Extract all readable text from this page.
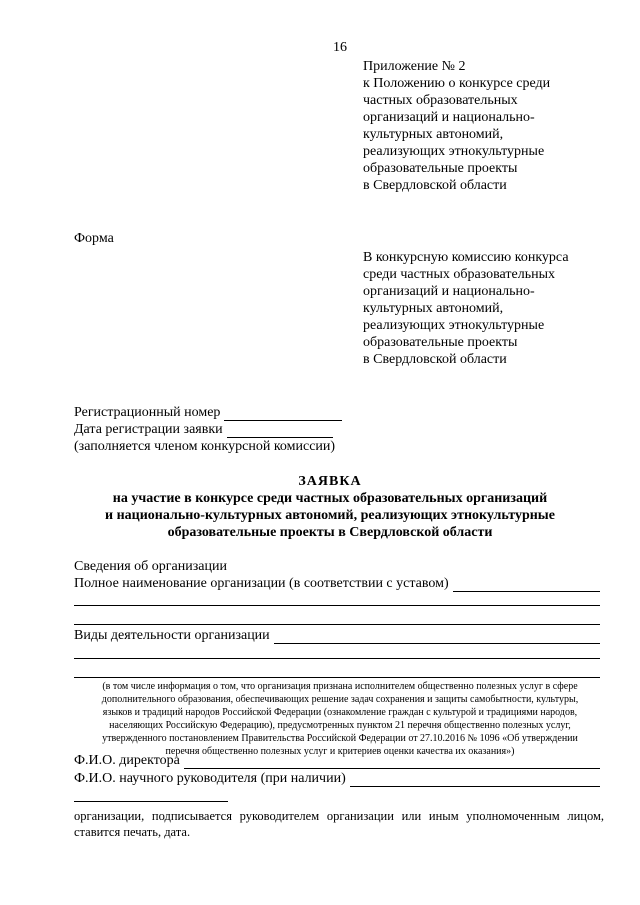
16
Приложение № 2
к Положению о конкурсе среди
частных образовательных
организаций и национально-
культурных автономий,
реализующих этнокультурные
образовательные проекты
в Свердловской области
Форма
В конкурсную комиссию конкурса
среди частных образовательных
организаций и национально-
культурных автономий,
реализующих этнокультурные
образовательные проекты
в Свердловской области
Регистрационный номер
Дата регистрации заявки
(заполняется членом конкурсной комиссии)
ЗАЯВКА
на участие в конкурсе среди частных образовательных организаций
и национально-культурных автономий, реализующих этнокультурные
образовательные проекты в Свердловской области
Сведения об организации
Полное наименование организации (в соответствии с уставом)
Виды деятельности организации
(в том числе информация о том, что организация признана исполнителем общественно полезных услуг в сфере
дополнительного образования, обеспечивающих решение задач сохранения и защиты самобытности, культуры,
языков и традиций народов Российской Федерации (ознакомление граждан с культурой и традициями народов,
населяющих Российскую Федерацию), предусмотренных пунктом 21 перечня общественно полезных услуг,
утвержденного постановлением Правительства Российской Федерации от 27.10.2016 № 1096 «Об утверждении
перечня общественно полезных услуг и критериев оценки качества их оказания»)
Ф.И.О. директора
Ф.И.О. научного руководителя (при наличии)
организации, подписывается руководителем организации или иным уполномоченным лицом, ставится печать, дата.
